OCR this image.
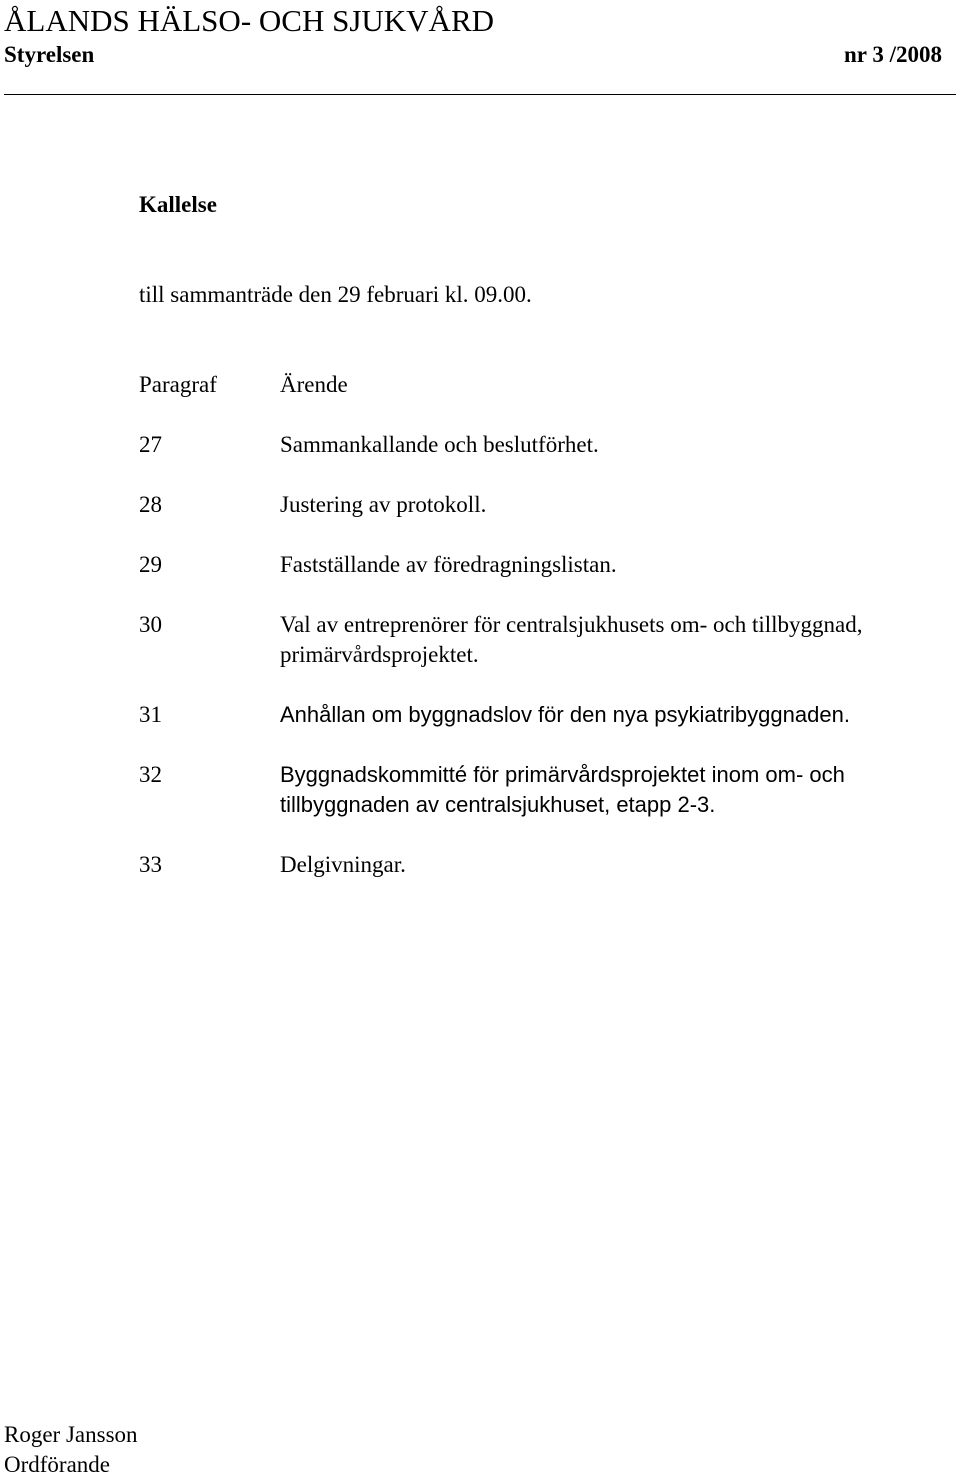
ÅLANDS HÄLSO- OCH SJUKVÅRD
Styrelsen	nr 3 /2008
Kallelse
till sammanträde den 29 februari kl. 09.00.
Paragraf	Ärende
27	Sammankallande och beslutförhet.
28	Justering av protokoll.
29	Fastställande av föredragningslistan.
30	Val av entreprenörer för centralsjukhusets om- och tillbyggnad, primärvårdsprojektet.
31	Anhållan om byggnadslov för den nya psykiatribyggnaden.
32	Byggnadskommitté för primärvårdsprojektet inom om- och tillbyggnaden av centralsjukhuset, etapp 2-3.
33	Delgivningar.
Roger Jansson
Ordförande
